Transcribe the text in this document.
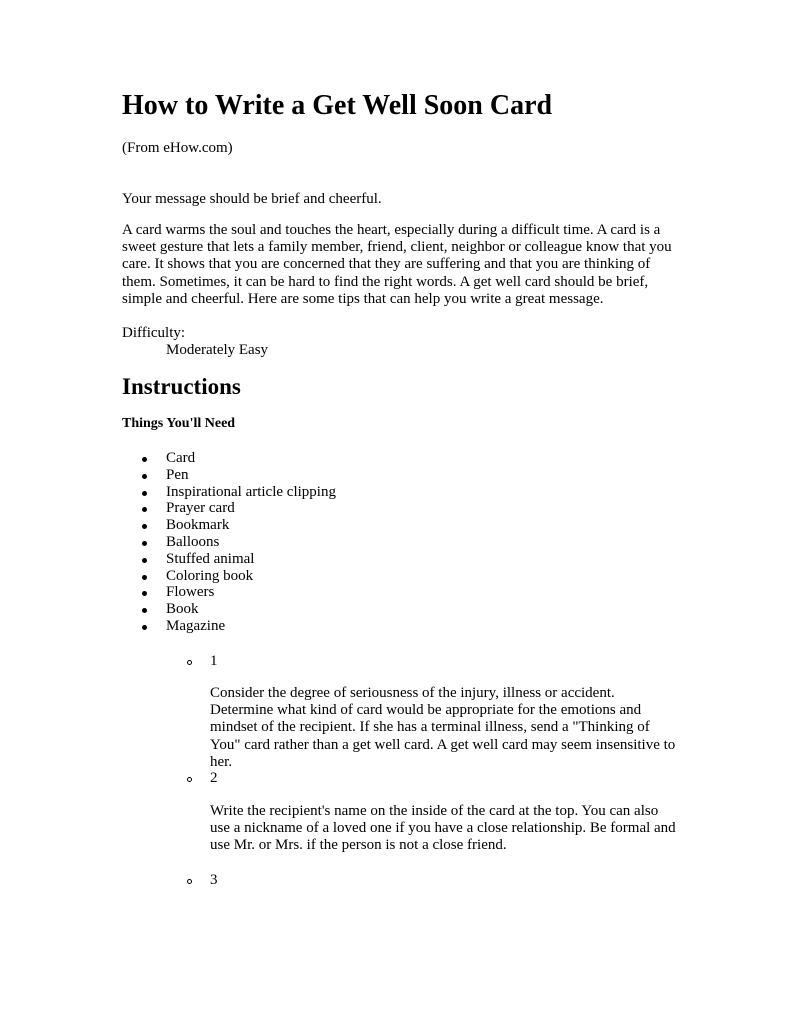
How to Write a Get Well Soon Card
(From eHow.com)
Your message should be brief and cheerful.

A card warms the soul and touches the heart, especially during a difficult time. A card is a sweet gesture that lets a family member, friend, client, neighbor or colleague know that you care. It shows that you are concerned that they are suffering and that you are thinking of them. Sometimes, it can be hard to find the right words. A get well card should be brief, simple and cheerful. Here are some tips that can help you write a great message.

Difficulty:
Moderately Easy
Instructions
Things You'll Need
Card
Pen
Inspirational article clipping
Prayer card
Bookmark
Balloons
Stuffed animal
Coloring book
Flowers
Book
Magazine
1
Consider the degree of seriousness of the injury, illness or accident. Determine what kind of card would be appropriate for the emotions and mindset of the recipient. If she has a terminal illness, send a "Thinking of You" card rather than a get well card. A get well card may seem insensitive to her.
2
Write the recipient's name on the inside of the card at the top. You can also use a nickname of a loved one if you have a close relationship. Be formal and use Mr. or Mrs. if the person is not a close friend.
3
